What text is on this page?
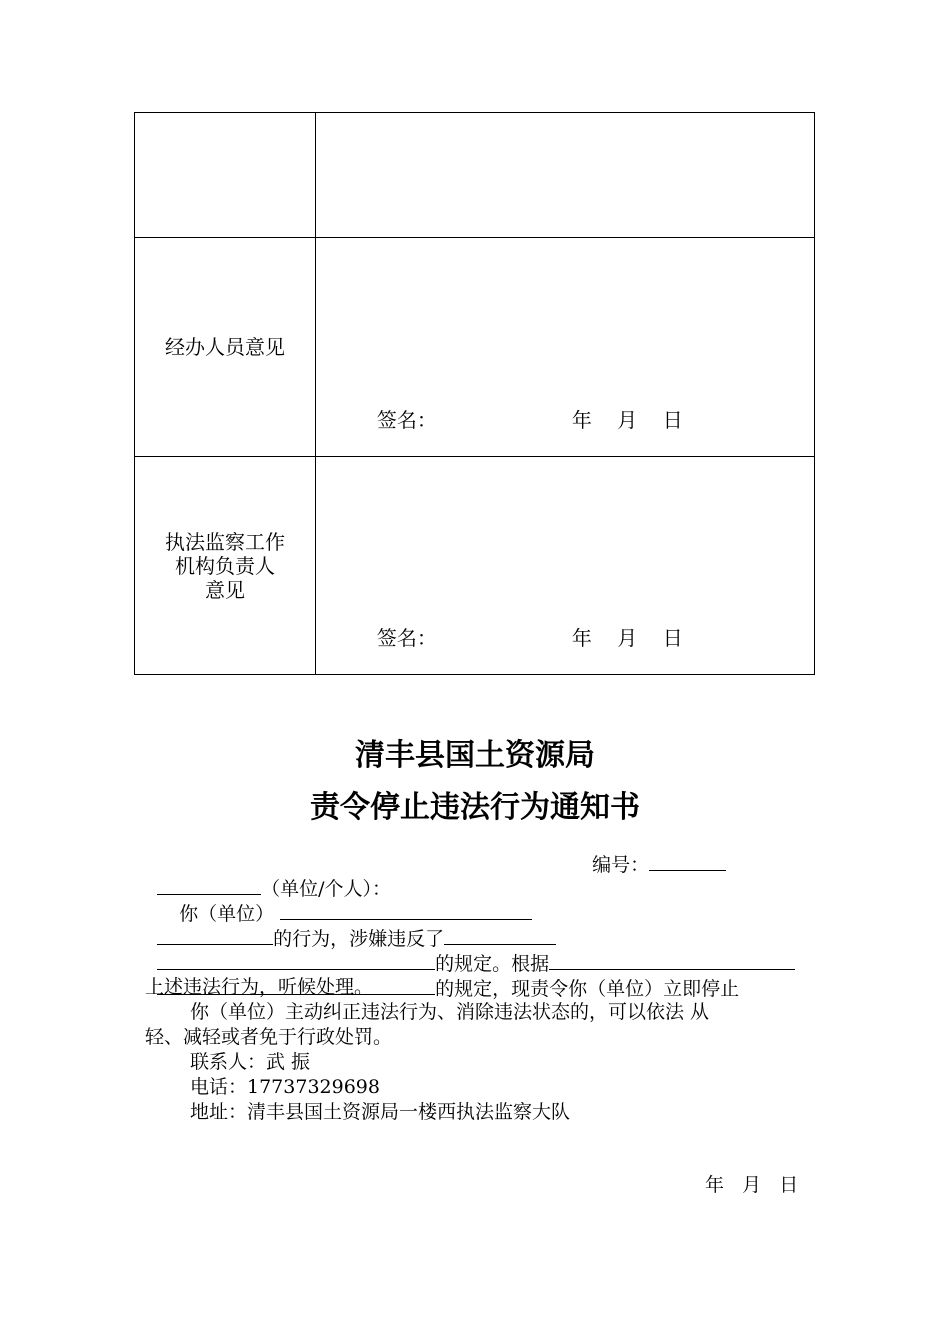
经办人员意见	签名： 年    月    日

执法监察工作
机构负责人
意见	签名： 年    月    日

清丰县国土资源局
责令停止违法行为通知书

编号：

（单位/个人）：

你（单位）

的行为，涉嫌违反了

的规定。根据

的规定，现责令你（单位）立即停止

上述违法行为，听候处理。
你（单位）主动纠正违法行为、消除违法状态的，可以依法 从
轻、减轻或者免于行政处罚。
联系人：武 振
电话：17737329698
地址：清丰县国土资源局一楼西执法监察大队
年   月   日
